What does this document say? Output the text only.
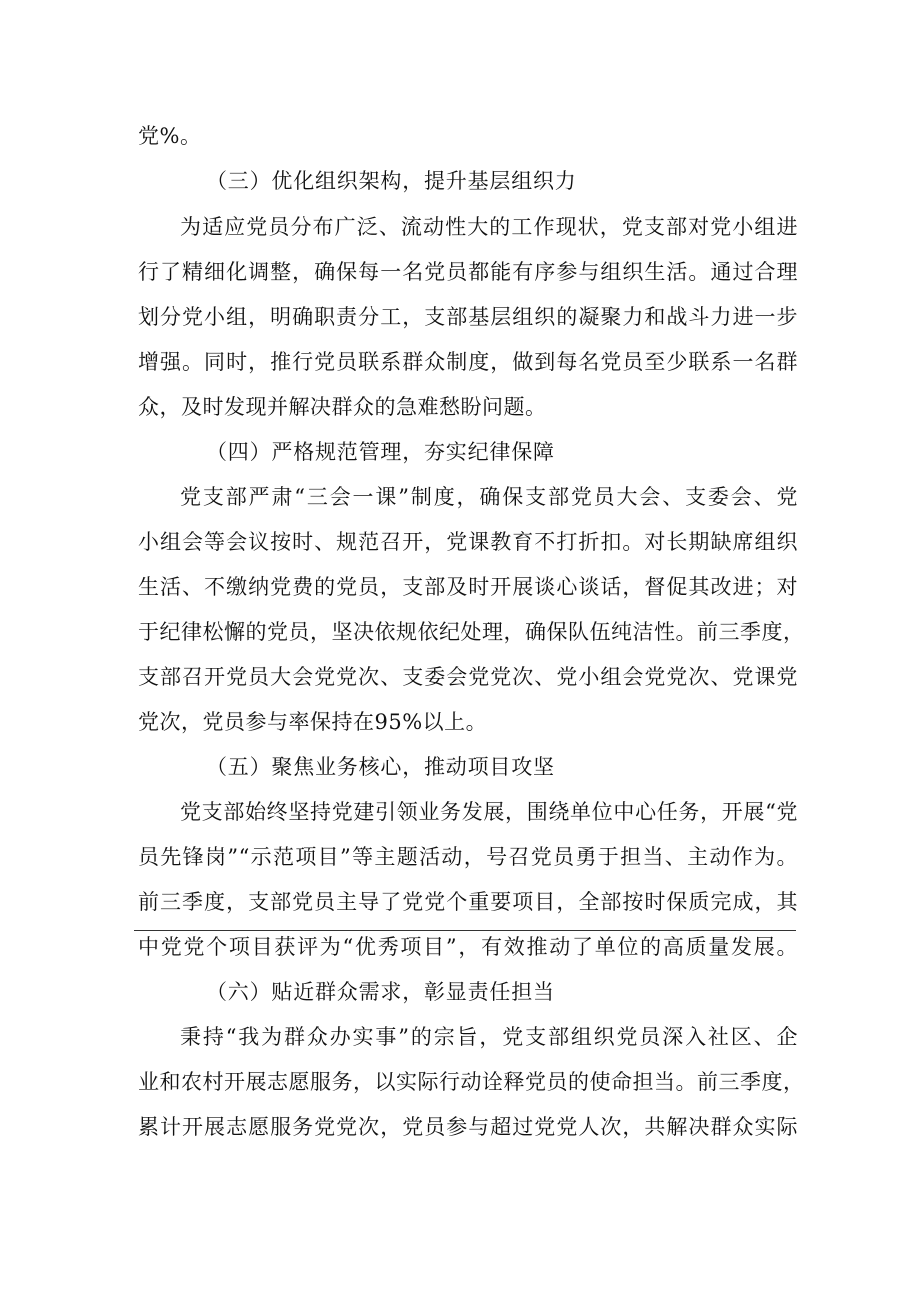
党%。
（三）优化组织架构，提升基层组织力
为适应党员分布广泛、流动性大的工作现状，党支部对党小组进
行了精细化调整，确保每一名党员都能有序参与组织生活。通过合理
划分党小组，明确职责分工，支部基层组织的凝聚力和战斗力进一步
增强。同时，推行党员联系群众制度，做到每名党员至少联系一名群
众，及时发现并解决群众的急难愁盼问题。
（四）严格规范管理，夯实纪律保障
党支部严肃“三会一课”制度，确保支部党员大会、支委会、党
小组会等会议按时、规范召开，党课教育不打折扣。对长期缺席组织
生活、不缴纳党费的党员，支部及时开展谈心谈话，督促其改进；对
于纪律松懈的党员，坚决依规依纪处理，确保队伍纯洁性。前三季度，
支部召开党员大会党党次、支委会党党次、党小组会党党次、党课党
党次，党员参与率保持在95%以上。
（五）聚焦业务核心，推动项目攻坚
党支部始终坚持党建引领业务发展，围绕单位中心任务，开展“党
员先锋岗”“示范项目”等主题活动，号召党员勇于担当、主动作为。
前三季度，支部党员主导了党党个重要项目，全部按时保质完成，其
中党党个项目获评为“优秀项目”，有效推动了单位的高质量发展。
（六）贴近群众需求，彰显责任担当
秉持“我为群众办实事”的宗旨，党支部组织党员深入社区、企
业和农村开展志愿服务，以实际行动诠释党员的使命担当。前三季度，
累计开展志愿服务党党次，党员参与超过党党人次，共解决群众实际
